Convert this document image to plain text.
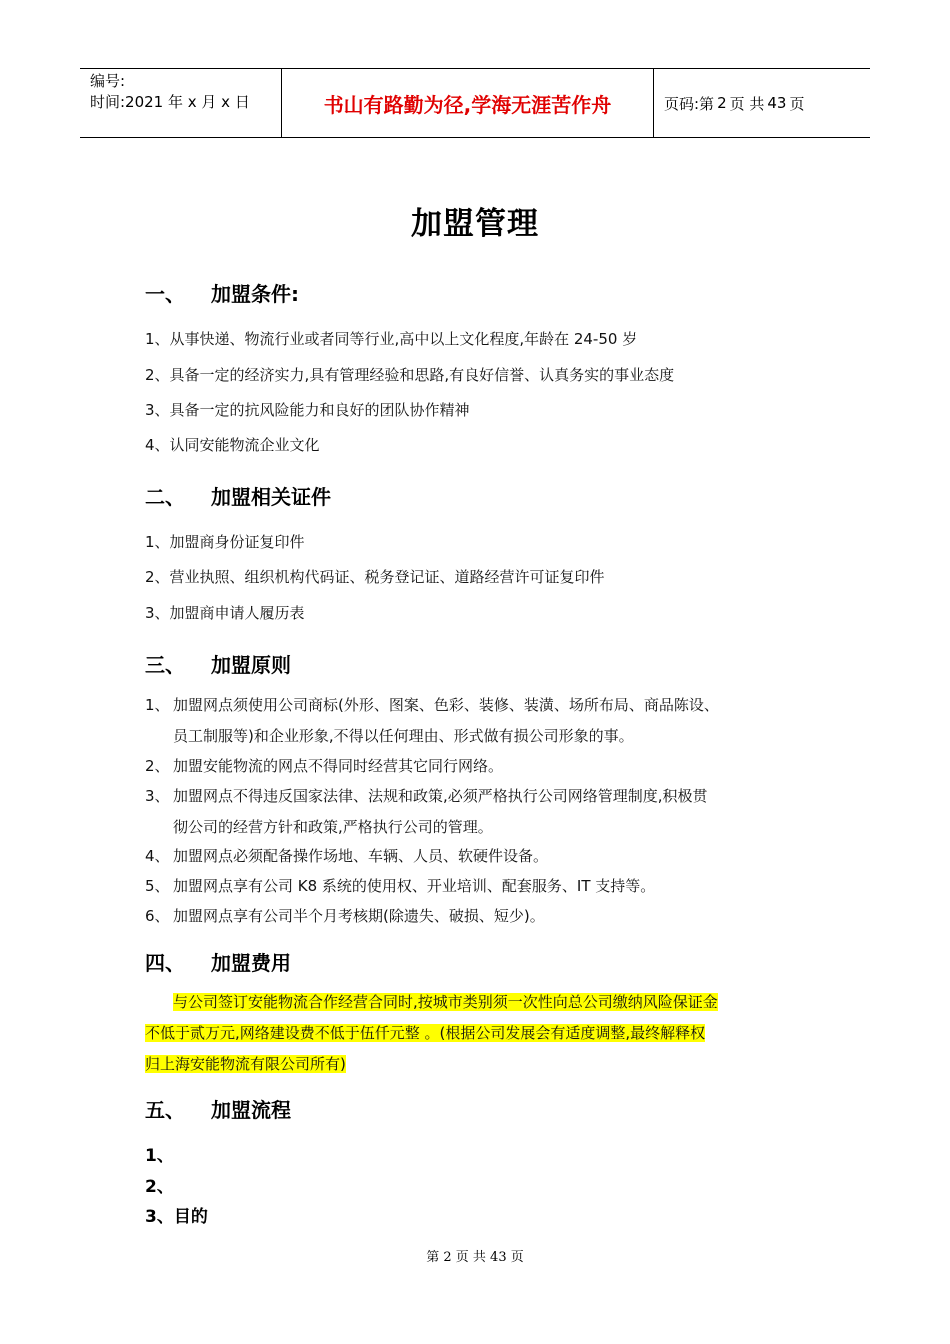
编号:
时间:2021 年 x 月 x 日	书山有路勤为径,学海无涯苦作舟	页码:第 2 页 共 43 页
加盟管理
一、 加盟条件:
1、从事快递、物流行业或者同等行业,高中以上文化程度,年龄在 24-50 岁
2、具备一定的经济实力,具有管理经验和思路,有良好信誉、认真务实的事业态度
3、具备一定的抗风险能力和良好的团队协作精神
4、认同安能物流企业文化
二、 加盟相关证件
1、加盟商身份证复印件
2、营业执照、组织机构代码证、税务登记证、道路经营许可证复印件
3、加盟商申请人履历表
三、 加盟原则
1、 加盟网点须使用公司商标(外形、图案、色彩、装修、装潢、场所布局、商品陈设、
员工制服等)和企业形象,不得以任何理由、形式做有损公司形象的事。
2、 加盟安能物流的网点不得同时经营其它同行网络。
3、 加盟网点不得违反国家法律、法规和政策,必须严格执行公司网络管理制度,积极贯
彻公司的经营方针和政策,严格执行公司的管理。
4、 加盟网点必须配备操作场地、车辆、人员、软硬件设备。
5、 加盟网点享有公司 K8 系统的使用权、开业培训、配套服务、IT 支持等。
6、 加盟网点享有公司半个月考核期(除遗失、破损、短少)。
四、 加盟费用
与公司签订安能物流合作经营合同时,按城市类别须一次性向总公司缴纳风险保证金
不低于贰万元,网络建设费不低于伍仟元整 。(根据公司发展会有适度调整,最终解释权
归上海安能物流有限公司所有)
五、 加盟流程
1、
2、
3、目的
第 2 页 共 43 页
